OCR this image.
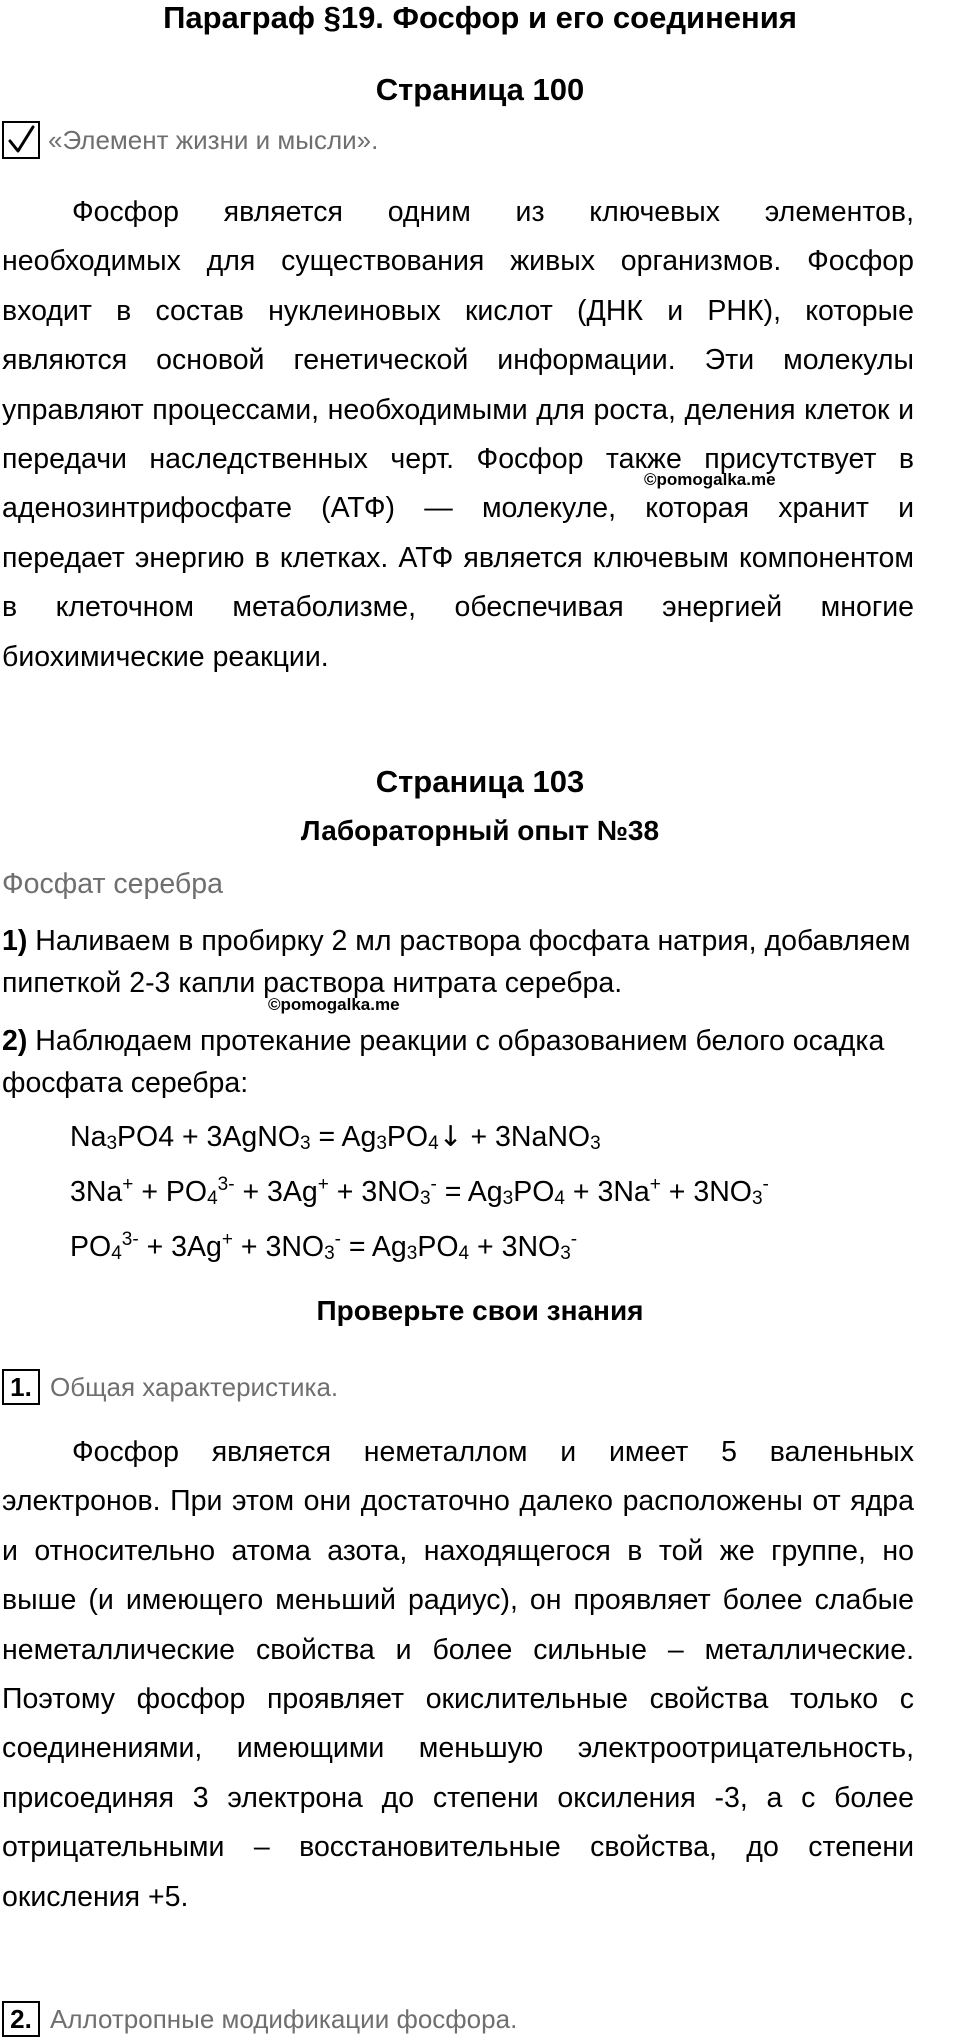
Параграф §19. Фосфор и его соединения
Страница 100
«Элемент жизни и мысли».

Фосфор является одним из ключевых элементов, необходимых для существования живых организмов. Фосфор входит в состав нуклеиновых кислот (ДНК и РНК), которые являются основой генетической информации. Эти молекулы управляют процессами, необходимыми для роста, деления клеток и передачи наследственных черт. Фосфор также присутствует в аденозинтрифосфате (АТФ) — молекуле, которая хранит и передает энергию в клетках. АТФ является ключевым компонентом в клеточном метаболизме, обеспечивая энергией многие биохимические реакции.

©pomogalka.me
Страница 103
Лабораторный опыт №38
Фосфат серебра

1) Наливаем в пробирку 2 мл раствора фосфата натрия, добавляем пипеткой 2-3 капли раствора нитрата серебра.

©pomogalka.me

2) Наблюдаем протекание реакции с образованием белого осадка фосфата серебра:

$Na_3PO4$ + 3AgNO$_3$ = $Ag_3PO_4↓$ + 3NaNO$_3$
$3Na^+ + PO_4^{3-} + 3Ag^+ + 3NO_3^- = Ag_3PO_4 + 3Na^+ + 3NO_3^-$
$PO_4^{3-} + 3Ag^+ + 3NO_3^- = Ag_3PO_4 + 3NO_3^-$
Проверьте свои знания
1. Общая характеристика.

Фосфор является неметаллом и имеет 5 валеньных электронов. При этом они достаточно далеко расположены от ядра и относительно атома азота, находящегося в той же группе, но выше (и имеющего меньший радиус), он проявляет более слабые неметаллические свойства и более сильные – металлические. Поэтому фосфор проявляет окислительные свойства только с соединениями, имеющими меньшую электроотрицательность, присоединяя 3 электрона до степени оксиления -3, а с более отрицательными – восстановительные свойства, до степени окисления +5.

2. Аллотропные модификации фосфора.
